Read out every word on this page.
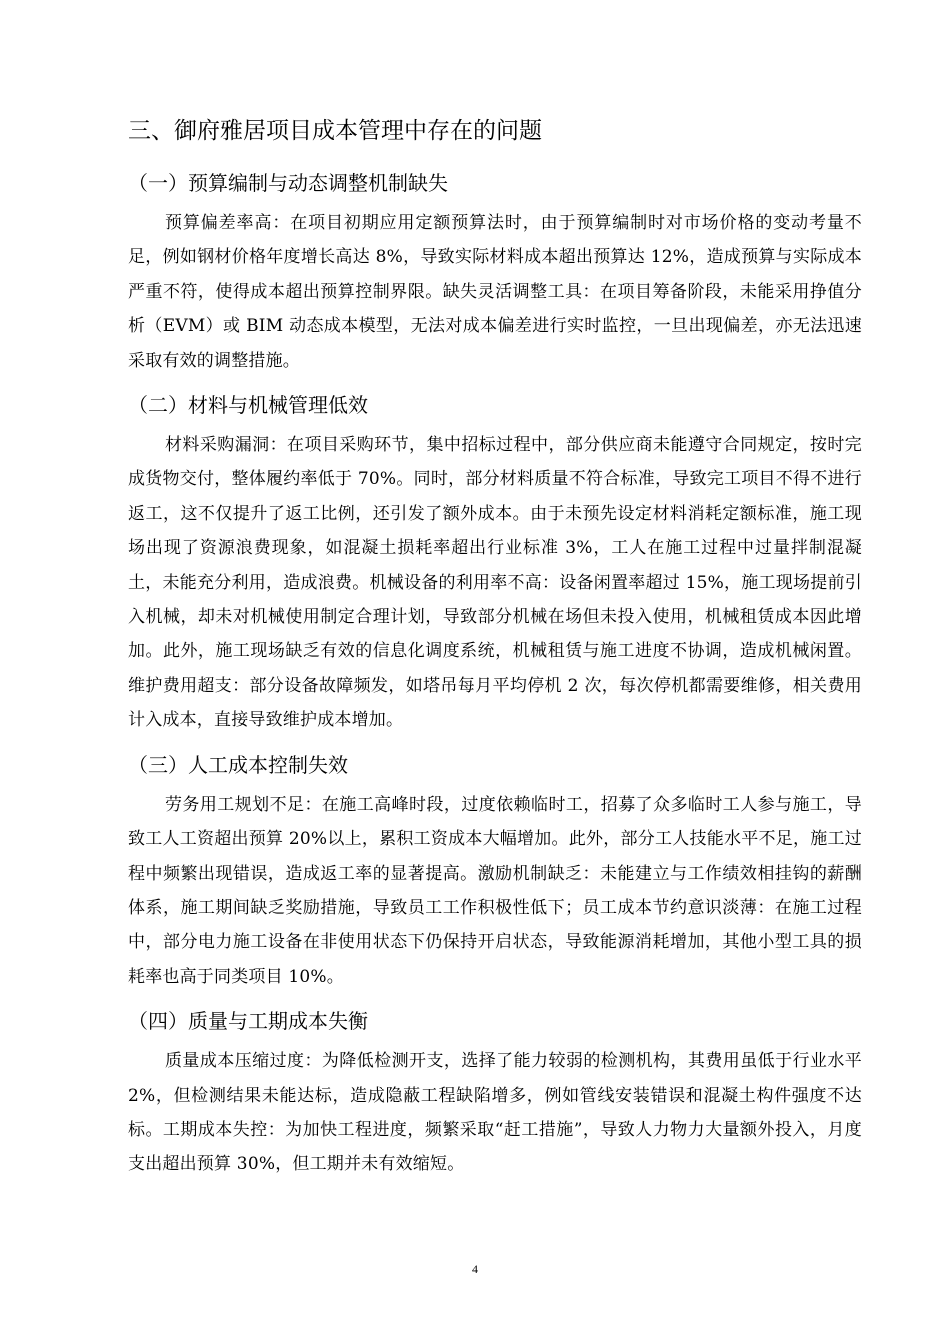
三、御府雅居项目成本管理中存在的问题
（一）预算编制与动态调整机制缺失

预算偏差率高：在项目初期应用定额预算法时，由于预算编制时对市场价格的变动考量不足，例如钢材价格年度增长高达 8%，导致实际材料成本超出预算达 12%，造成预算与实际成本严重不符，使得成本超出预算控制界限。缺失灵活调整工具：在项目筹备阶段，未能采用挣值分析（EVM）或 BIM 动态成本模型，无法对成本偏差进行实时监控，一旦出现偏差，亦无法迅速采取有效的调整措施。

（二）材料与机械管理低效

材料采购漏洞：在项目采购环节，集中招标过程中，部分供应商未能遵守合同规定，按时完成货物交付，整体履约率低于 70%。同时，部分材料质量不符合标准，导致完工项目不得不进行返工，这不仅提升了返工比例，还引发了额外成本。由于未预先设定材料消耗定额标准，施工现场出现了资源浪费现象，如混凝土损耗率超出行业标准 3%，工人在施工过程中过量拌制混凝土，未能充分利用，造成浪费。机械设备的利用率不高：设备闲置率超过 15%，施工现场提前引入机械，却未对机械使用制定合理计划，导致部分机械在场但未投入使用，机械租赁成本因此增加。此外，施工现场缺乏有效的信息化调度系统，机械租赁与施工进度不协调，造成机械闲置。维护费用超支：部分设备故障频发，如塔吊每月平均停机 2 次，每次停机都需要维修，相关费用计入成本，直接导致维护成本增加。

（三）人工成本控制失效

劳务用工规划不足：在施工高峰时段，过度依赖临时工，招募了众多临时工人参与施工，导致工人工资超出预算 20%以上，累积工资成本大幅增加。此外，部分工人技能水平不足，施工过程中频繁出现错误，造成返工率的显著提高。激励机制缺乏：未能建立与工作绩效相挂钩的薪酬体系，施工期间缺乏奖励措施，导致员工工作积极性低下；员工成本节约意识淡薄：在施工过程中，部分电力施工设备在非使用状态下仍保持开启状态，导致能源消耗增加，其他小型工具的损耗率也高于同类项目 10%。

（四）质量与工期成本失衡

质量成本压缩过度：为降低检测开支，选择了能力较弱的检测机构，其费用虽低于行业水平 2%，但检测结果未能达标，造成隐蔽工程缺陷增多，例如管线安装错误和混凝土构件强度不达标。工期成本失控：为加快工程进度，频繁采取“赶工措施”，导致人力物力大量额外投入，月度支出超出预算 30%，但工期并未有效缩短。

4
